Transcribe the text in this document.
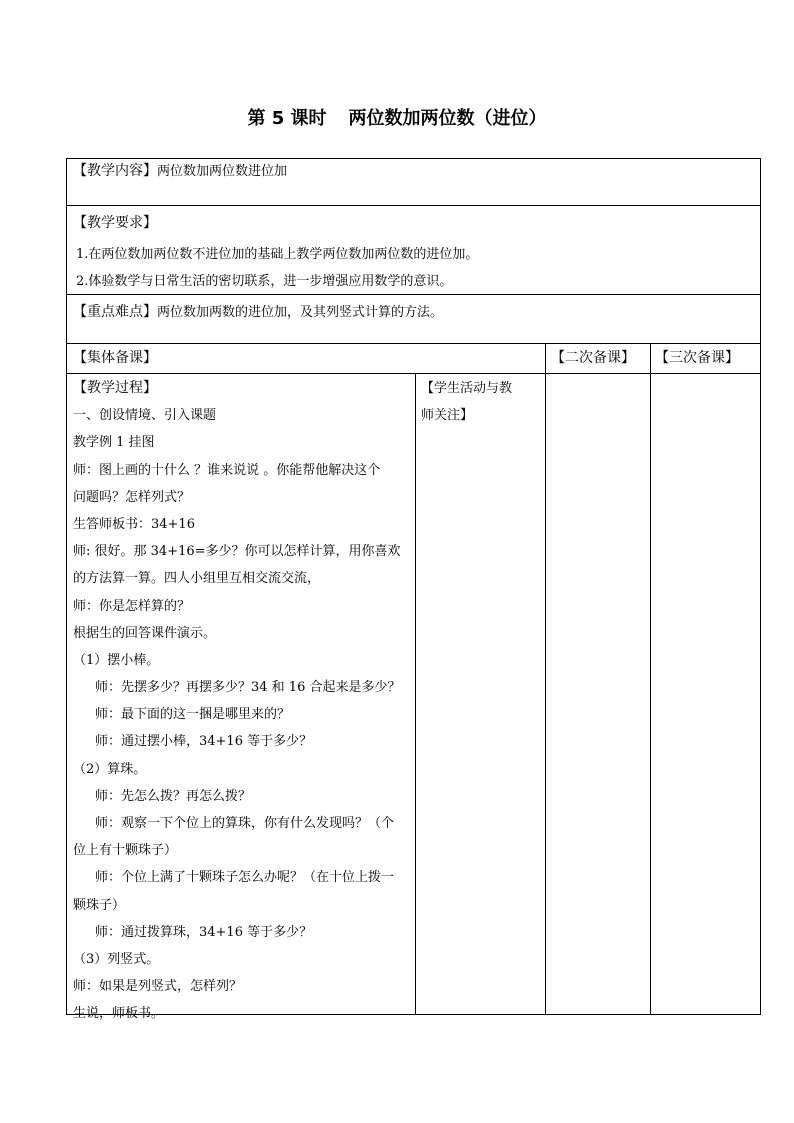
第 5 课时 两位数加两位数（进位）
【教学内容】两位数加两位数进位加
【教学要求】
1.在两位数加两位数不进位加的基础上教学两位数加两位数的进位加。
2.体验数学与日常生活的密切联系，进一步增强应用数学的意识。
【重点难点】两位数加两数的进位加，及其列竖式计算的方法。
【集体备课】	【二次备课】 【三次备课】
【学生活动与教
师关注】
【教学过程】
一、创设情境、引入课题
教学例 1 挂图
师：图上画的十什么 ？谁来说说 。你能帮他解决这个
问题吗？怎样列式？
生答师板书：34+16
师: 很好。那 34+16=多少？你可以怎样计算，用你喜欢
的方法算一算。四人小组里互相交流交流，
师：你是怎样算的？
根据生的回答课件演示。
（1）摆小棒。
师：先摆多少？再摆多少？34 和 16 合起来是多少？
师：最下面的这一捆是哪里来的？
师：通过摆小棒，34+16 等于多少？
（2）算珠。
师：先怎么拨？再怎么拨？
师：观察一下个位上的算珠，你有什么发现吗？（个
位上有十颗珠子）
师：个位上满了十颗珠子怎么办呢？（在十位上拨一
颗珠子）
师：通过拨算珠，34+16 等于多少？
（3）列竖式。
师：如果是列竖式，怎样列？
生说，师板书。
